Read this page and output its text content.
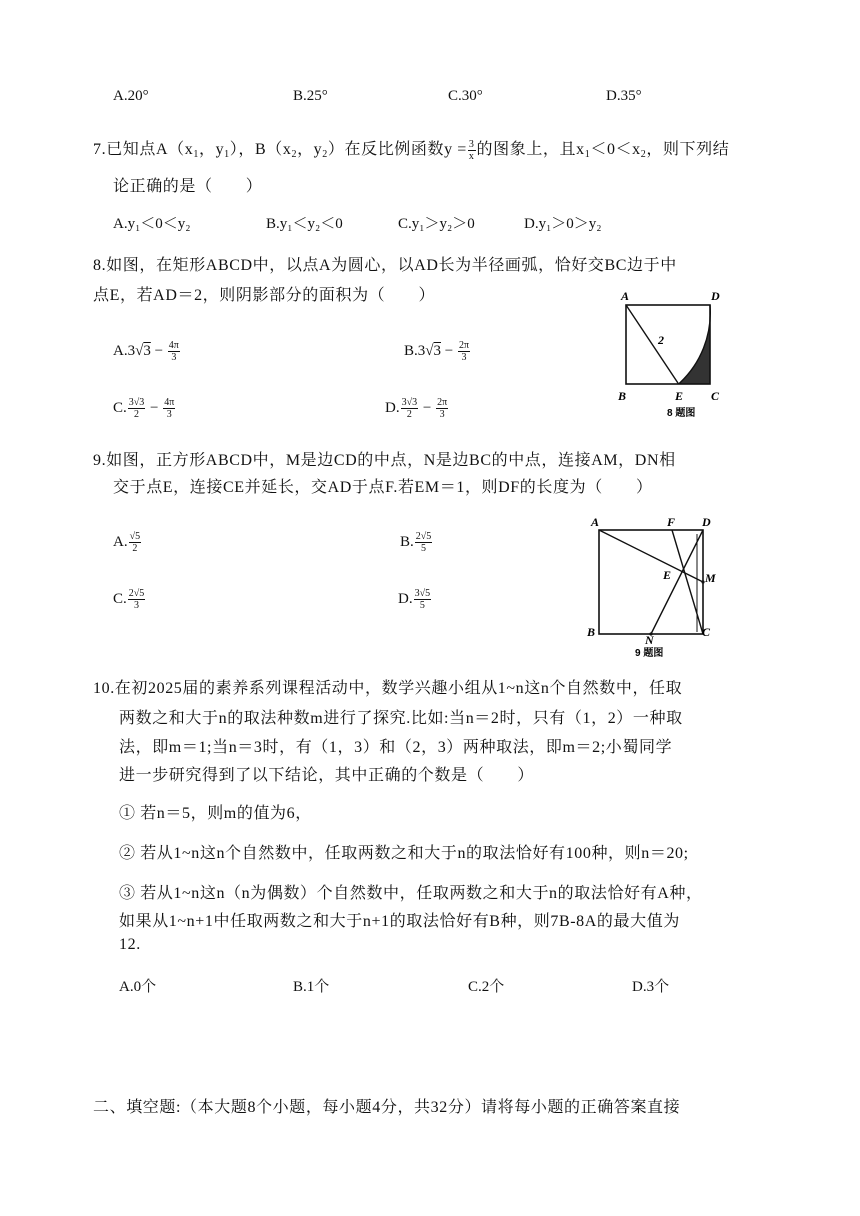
A.20°	B.25°	C.30°	D.35°
7.已知点$A(x_1$，$y_1$），$B(x_2$，$y_2$）在反比例函数$y = \frac{3}{x}$ 的图象上，且$x_1<0<x_2$，则下列结
论正确的是（　　）
A.y₁＜0＜y₂	B.y₁＜y₂＜0	C.y₁＞y₂＞0	D.y₁＞0＞y₂
8.如图，在矩形ABCD中，以点A为圆心，以AD长为半径画弧，恰好交BC边于中
点E，若AD＝2，则阴影部分的面积为（　　）
$A.3√3 - \frac{4\pi}{3}$	$B.3√3 - \frac{2\pi}{3}$
C. $\frac{3√3}{2} - \frac{4\pi}{3}$	D. $\frac{3√3}{2} - \frac{2\pi}{3}$
A	D
B	E C
2
8 题图
9.如图，正方形ABCD中，M是边CD的中点，N是边BC的中点，连接AM，DN相
交于点E，连接CE并延长，交AD于点F.若EM＝1，则DF的长度为（　　）
A. $\frac{√5}{2}$	B. $\frac{2√5}{5}$
C. $\frac{2√5}{3}$	D. $\frac{3√5}{5}$
A	F D
E	M
B
N
C
9 题图
10.在初2025届的素养系列课程活动中，数学兴趣小组从1~n这n个自然数中，任取
两数之和大于n的取法种数m进行了探究.比如:当n＝2时，只有（1，2）一种取
法，即m＝1;当n＝3时，有（1，3）和（2，3）两种取法，即m＝2;小蜀同学
进一步研究得到了以下结论，其中正确的个数是（　　）
① 若n＝5，则m的值为6，
② 若从1~n这n个自然数中，任取两数之和大于n的取法恰好有100种，则n＝20;
③ 若从1~n这n（n为偶数）个自然数中，任取两数之和大于n的取法恰好有A种，
如果从1~n+1中任取两数之和大于n+1的取法恰好有B种，则7B-8A的最大值为
12.
A.0个	B.1个	C.2个	D.3个
二、填空题:（本大题8个小题，每小题4分，共32分）请将每小题的正确答案直接
